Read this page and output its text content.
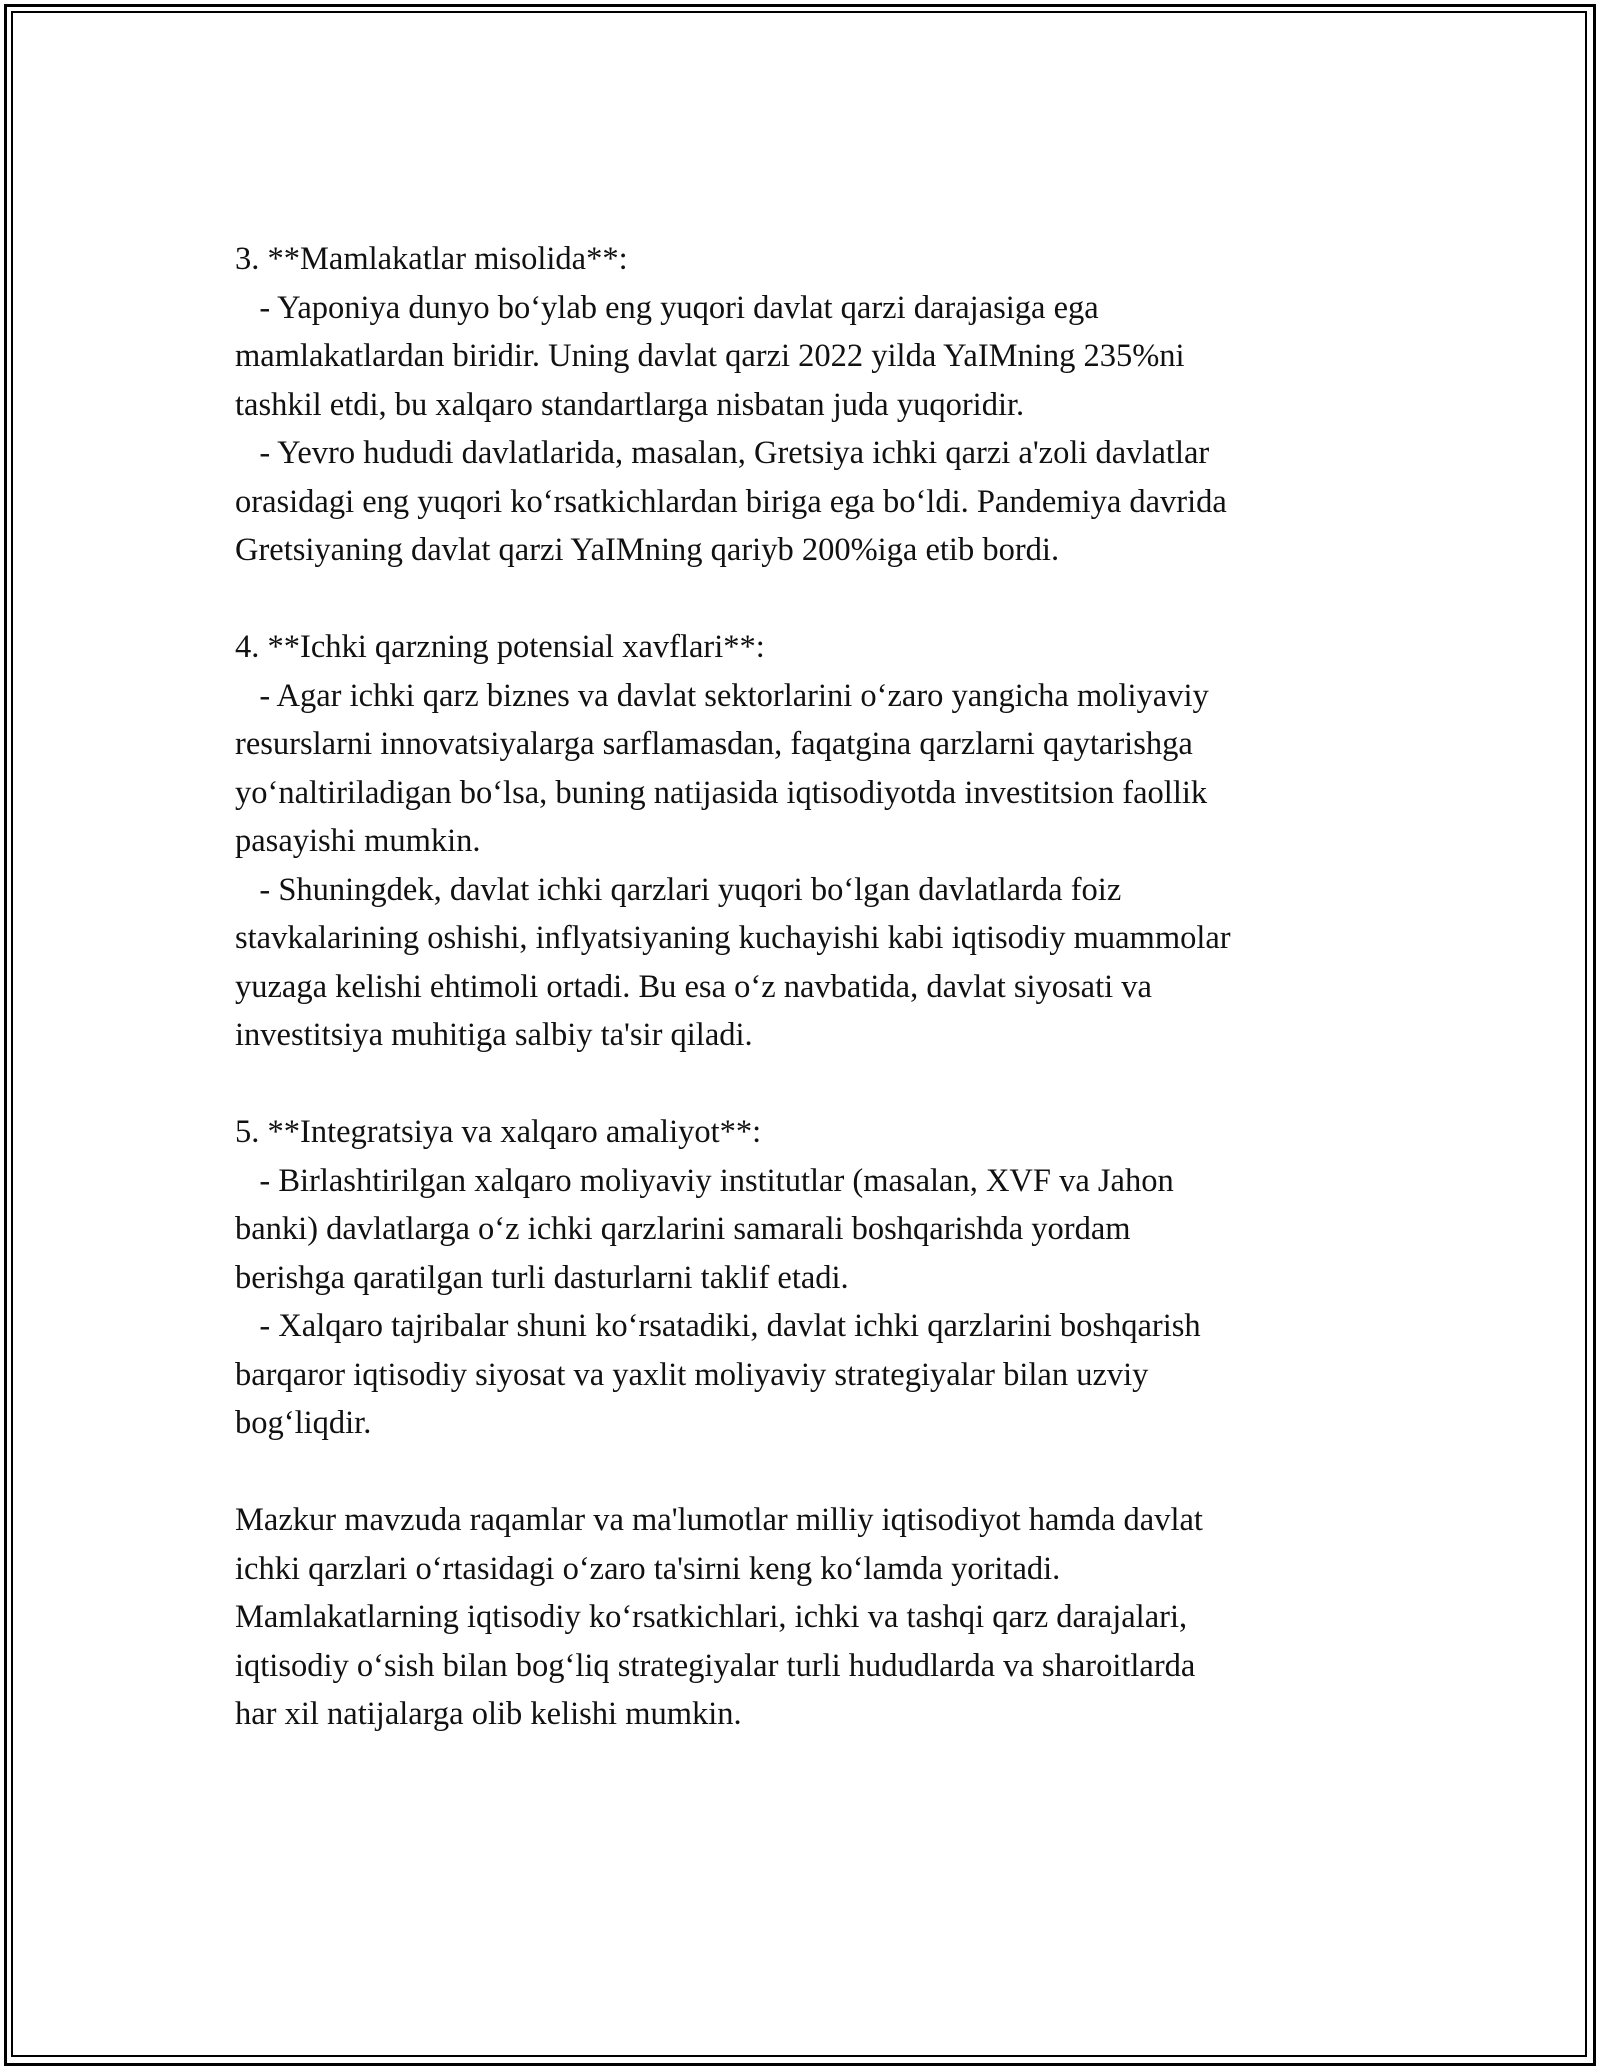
3. **Mamlakatlar misolida**:
- Yaponiya dunyo bo‘ylab eng yuqori davlat qarzi darajasiga ega
mamlakatlardan biridir. Uning davlat qarzi 2022 yilda YaIMning 235%ni
tashkil etdi, bu xalqaro standartlarga nisbatan juda yuqoridir.
- Yevro hududi davlatlarida, masalan, Gretsiya ichki qarzi a'zoli davlatlar
orasidagi eng yuqori ko‘rsatkichlardan biriga ega bo‘ldi. Pandemiya davrida
Gretsiyaning davlat qarzi YaIMning qariyb 200%iga etib bordi.
4. **Ichki qarzning potensial xavflari**:
- Agar ichki qarz biznes va davlat sektorlarini o‘zaro yangicha moliyaviy
resurslarni innovatsiyalarga sarflamasdan, faqatgina qarzlarni qaytarishga
yo‘naltiriladigan bo‘lsa, buning natijasida iqtisodiyotda investitsion faollik
pasayishi mumkin.
- Shuningdek, davlat ichki qarzlari yuqori bo‘lgan davlatlarda foiz
stavkalarining oshishi, inflyatsiyaning kuchayishi kabi iqtisodiy muammolar
yuzaga kelishi ehtimoli ortadi. Bu esa o‘z navbatida, davlat siyosati va
investitsiya muhitiga salbiy ta'sir qiladi.
5. **Integratsiya va xalqaro amaliyot**:
- Birlashtirilgan xalqaro moliyaviy institutlar (masalan, XVF va Jahon
banki) davlatlarga o‘z ichki qarzlarini samarali boshqarishda yordam
berishga qaratilgan turli dasturlarni taklif etadi.
- Xalqaro tajribalar shuni ko‘rsatadiki, davlat ichki qarzlarini boshqarish
barqaror iqtisodiy siyosat va yaxlit moliyaviy strategiyalar bilan uzviy
bog‘liqdir.
Mazkur mavzuda raqamlar va ma'lumotlar milliy iqtisodiyot hamda davlat
ichki qarzlari o‘rtasidagi o‘zaro ta'sirni keng ko‘lamda yoritadi.
Mamlakatlarning iqtisodiy ko‘rsatkichlari, ichki va tashqi qarz darajalari,
iqtisodiy o‘sish bilan bog‘liq strategiyalar turli hududlarda va sharoitlarda
har xil natijalarga olib kelishi mumkin.
